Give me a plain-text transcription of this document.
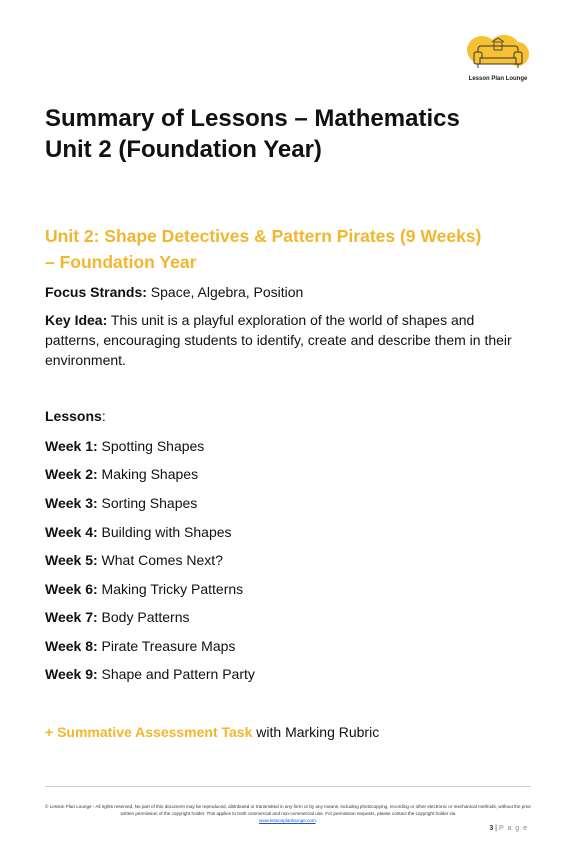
Lesson Plan Lounge
Summary of Lessons – Mathematics
Unit 2 (Foundation Year)
Unit 2: Shape Detectives & Pattern Pirates (9 Weeks)
– Foundation Year

Focus Strands: Space, Algebra, Position

Key Idea: This unit is a playful exploration of the world of shapes and patterns, encouraging students to identify, create and describe them in their environment.

Lessons:
Week 1: Spotting Shapes
Week 2: Making Shapes
Week 3: Sorting Shapes
Week 4: Building with Shapes
Week 5: What Comes Next?
Week 6: Making Tricky Patterns
Week 7: Body Patterns
Week 8: Pirate Treasure Maps
Week 9: Shape and Pattern Party
+ Summative Assessment Task with Marking Rubric
© Lesson Plan Lounge - All rights reserved. No part of this document may be reproduced, distributed or transmitted in any form or by any means, including photocopying, recording or other electronic or mechanical methods, without the prior written permission of the copyright holder. This applies to both commercial and non-commercial use. For permission requests, please contact the copyright holder via
www.lessonplanlounge.com.
3 | P a g e
